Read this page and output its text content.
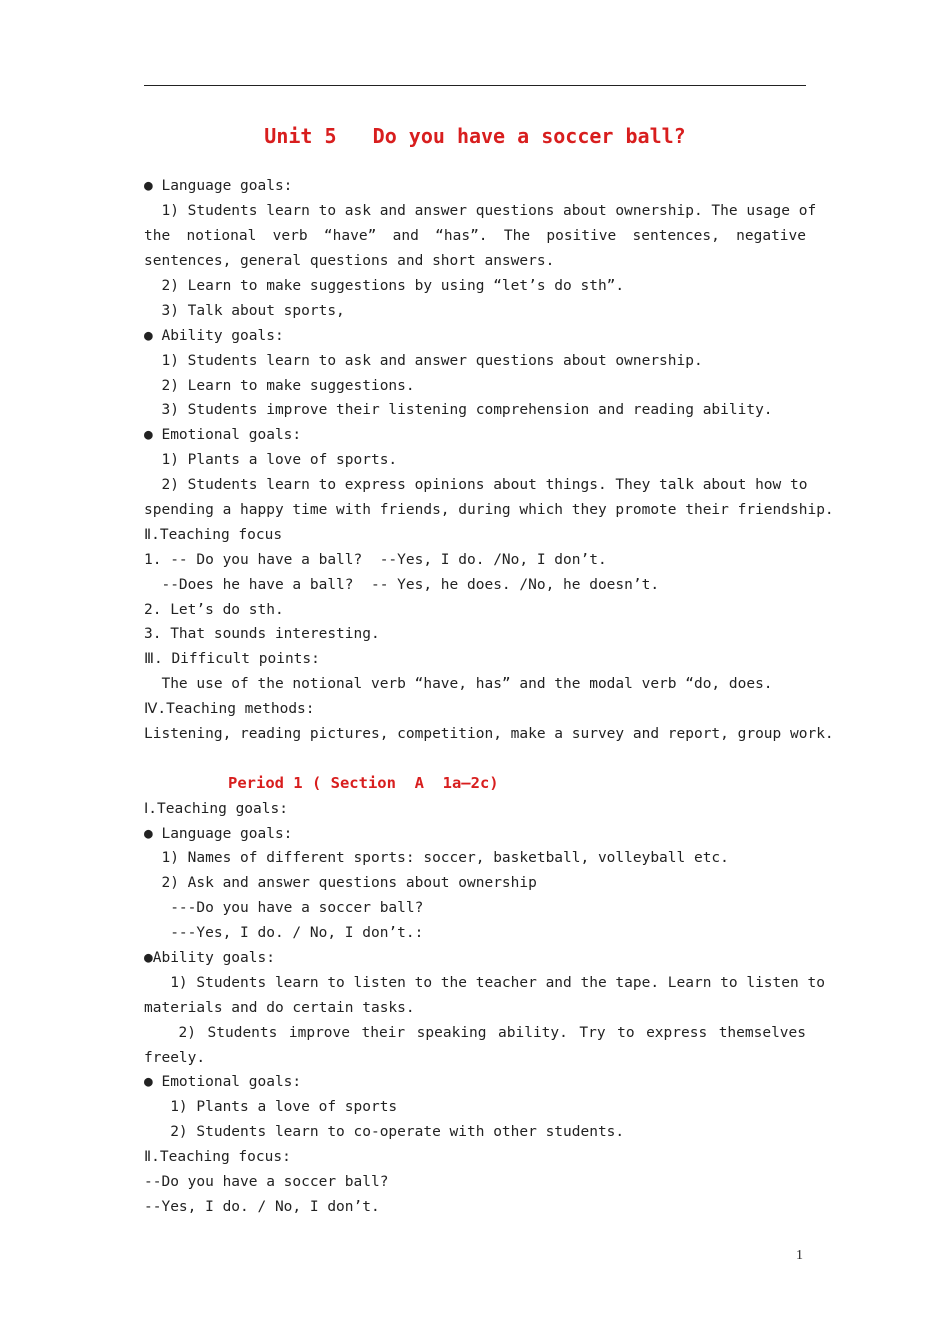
Unit 5   Do you have a soccer ball?
● Language goals:
1) Students learn to ask and answer questions about ownership. The usage of
the notional verb “have” and “has”. The positive sentences, negative
sentences, general questions and short answers.
2) Learn to make suggestions by using “let’s do sth”.
3) Talk about sports,
● Ability goals:
1) Students learn to ask and answer questions about ownership.
2) Learn to make suggestions.
3) Students improve their listening comprehension and reading ability.
● Emotional goals:
1) Plants a love of sports.
2) Students learn to express opinions about things. They talk about how to
spending a happy time with friends, during which they promote their friendship.
Ⅱ.Teaching focus
1. -- Do you have a ball?  --Yes, I do. /No, I don’t.
--Does he have a ball?  -- Yes, he does. /No, he doesn’t.
2. Let’s do sth.
3. That sounds interesting.
Ⅲ. Difficult points:
The use of the notional verb “have, has” and the modal verb “do, does.
Ⅳ.Teaching methods:
Listening, reading pictures, competition, make a survey and report, group work.
Period 1 ( Section  A  1a—2c)
Ⅰ.Teaching goals:
● Language goals:
1) Names of different sports: soccer, basketball, volleyball etc.
2) Ask and answer questions about ownership
---Do you have a soccer ball?
---Yes, I do. / No, I don’t.:
●Ability goals:
1) Students learn to listen to the teacher and the tape. Learn to listen to
materials and do certain tasks.
2) Students improve their speaking ability. Try to express themselves
freely.
● Emotional goals:
1) Plants a love of sports
2) Students learn to co-operate with other students.
Ⅱ.Teaching focus:
--Do you have a soccer ball?
--Yes, I do. / No, I don’t.
1
